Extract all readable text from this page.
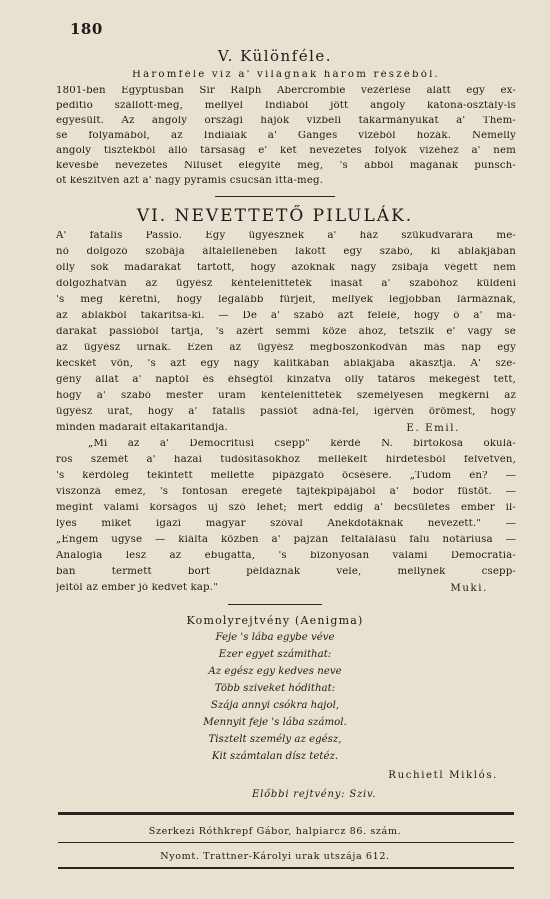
180
V. Különféle.
Háromféle víz a' világnak három részéből.
1801-ben Egyptusban Sir Ralph Abercrombie vezérlése alatt egy ex-
peditio szállott-meg, mellyel Indiából jött angoly katona-osztály-is
egyesült. Az angoly országi hajók vizbeli takarmányukat a' Them-
se folyamából, az Indiaiak a' Ganges vizéből hozák. Némelly
angoly tisztekből álló társaság e' két nevezetes folyók vizéhez a' nem
kevesbé nevezetes Nilusét elegyíté még, 's abból magának punsch-
ot készítvén azt a' nagy pyramis csucsán itta-meg.
VI. NEVETTETŐ PILULÁK.
A' fatalis Passio. Egy ügyésznek a' ház szükudvarára me-
nő dolgozó szobája általellenében lakott egy szabó, ki ablakjában
olly sok madarakat tartott, hogy azoknak nagy zsibaja végett nem
dolgozhatván az ügyész kéntelenitteték inasát a' szabóhoz küldeni
's meg kéretni, hogy legalább fürjeit, mellyek legjobban lármáznak,
az ablakból takaritsa-ki. — De a' szabó azt felelé, hogy ő a' ma-
darakat passióból tartja, 's azért semmi köze ahoz, tetszik e' vagy se
az ügyész urnak. Ezen az ügyész megboszonkodván más nap egy
kecskét vön, 's azt egy nagy kalitkában ablakjába akasztja. A' sze-
gény állat a' naptól és éhségtől kinzatva olly tatáros mekegést tett,
hogy a' szabó mester uram kéntelenitteték személyesen megkérni az
ügyész urat, hogy a' fatalis passiót adná-fel, igérvén örömest, hogy
minden madarait eltakaritandja.	E. Emil.
„Mi az a' Democritusi csepp" kérdé N. birtokosa okulá-
ros szemét a' hazai tudósitásokhoz mellékelt hirdetésből felvetvén,
's kérdőleg tekintett mellette pipázgató öcsésére. „Tudom én? —
viszonzá emez, 's fontosan eregeté tajtékpipájából a' bodor füstöt. —
megint valami kórságos uj szó lehet; mert eddig a' becsületes ember il-
lyes miket igazi magyar szóval Anekdotáknak nevezett." —
„Engem ugyse — kiálta közben a' pajzán feltalálású falu notáriusa —
Analogia lesz az ebugatta, 's bizonyosan valami Democratiá-
ban termett bort példáznak vele, mellynek csepp-
jeitől az ember jó kedvet kap."	Muki.
Komolyrejtvény (Aenigma)
Feje 's lába egybe véve
Ezer egyet számithat:
Az egész egy kedves neve
Több sziveket hódithat:
Szája annyi csókra hajol,
Mennyit feje 's lába számol.
Tisztelt személy az egész,
Kit számtalan dísz tetéz.
Ruchietl Miklós.
Előbbi rejtvény: Sziv.
Szerkezi Róthkrepf Gábor, halpiarcz 86. szám.
Nyomt. Trattner-Károlyi urak utszája 612.
